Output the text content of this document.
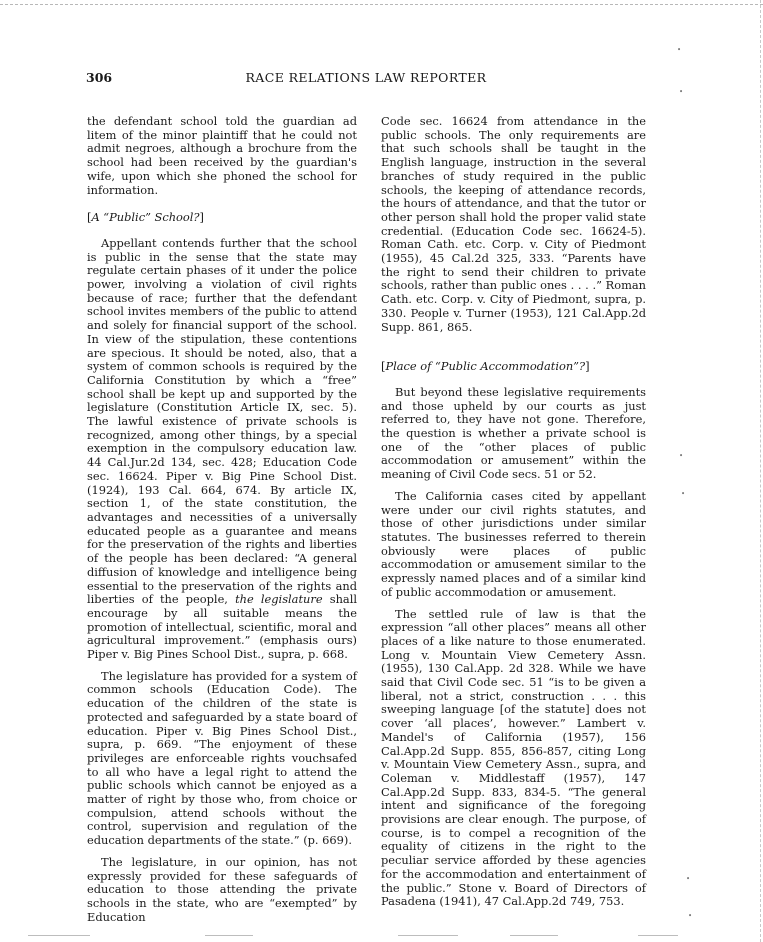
306	RACE RELATIONS LAW REPORTER

the defendant school told the guardian ad litem of the minor plaintiff that he could not admit negroes, although a brochure from the school had been received by the guardian's wife, upon which she phoned the school for information.

[A “Public” School?]

Appellant contends further that the school is public in the sense that the state may regulate certain phases of it under the police power, involving a violation of civil rights because of race; further that the defendant school invites members of the public to attend and solely for financial support of the school. In view of the stipulation, these contentions are specious. It should be noted, also, that a system of common schools is required by the California Constitution by which a “free” school shall be kept up and supported by the legislature (Constitution Article IX, sec. 5). The lawful existence of private schools is recognized, among other things, by a special exemption in the compulsory education law. 44 Cal.Jur.2d 134, sec. 428; Education Code sec. 16624. Piper v. Big Pine School Dist. (1924), 193 Cal. 664, 674. By article IX, section 1, of the state constitution, the advantages and necessities of a universally educated people as a guarantee and means for the preservation of the rights and liberties of the people has been declared: “A general diffusion of knowledge and intelligence being essential to the preservation of the rights and liberties of the people, the legislature shall encourage by all suitable means the promotion of intellectual, scientific, moral and agricultural improvement.” (emphasis ours) Piper v. Big Pines School Dist., supra, p. 668.

The legislature has provided for a system of common schools (Education Code). The education of the children of the state is protected and safeguarded by a state board of education. Piper v. Big Pines School Dist., supra, p. 669. “The enjoyment of these privileges are enforceable rights vouchsafed to all who have a legal right to attend the public schools which cannot be enjoyed as a matter of right by those who, from choice or compulsion, attend schools without the control, supervision and regulation of the education departments of the state.” (p. 669).

The legislature, in our opinion, has not expressly provided for these safeguards of education to those attending the private schools in the state, who are “exempted” by Education

Code sec. 16624 from attendance in the public schools. The only requirements are that such schools shall be taught in the English language, instruction in the several branches of study required in the public schools, the keeping of attendance records, the hours of attendance, and that the tutor or other person shall hold the proper valid state credential. (Education Code sec. 16624-5). Roman Cath. etc. Corp. v. City of Piedmont (1955), 45 Cal.2d 325, 333. “Parents have the right to send their children to private schools, rather than public ones . . . .” Roman Cath. etc. Corp. v. City of Piedmont, supra, p. 330. People v. Turner (1953), 121 Cal.App.2d Supp. 861, 865.

[Place of “Public Accommodation”?]

But beyond these legislative requirements and those upheld by our courts as just referred to, they have not gone. Therefore, the question is whether a private school is one of the “other places of public accommodation or amusement” within the meaning of Civil Code secs. 51 or 52.

The California cases cited by appellant were under our civil rights statutes, and those of other jurisdictions under similar statutes. The businesses referred to therein obviously were places of public accommodation or amusement similar to the expressly named places and of a similar kind of public accommodation or amusement.

The settled rule of law is that the expression “all other places” means all other places of a like nature to those enumerated. Long v. Mountain View Cemetery Assn. (1955), 130 Cal.App. 2d 328. While we have said that Civil Code sec. 51 “is to be given a liberal, not a strict, construction . . . this sweeping language [of the statute] does not cover ‘all places’, however.” Lambert v. Mandel's of California (1957), 156 Cal.App.2d Supp. 855, 856-857, citing Long v. Mountain View Cemetery Assn., supra, and Coleman v. Middlestaff (1957), 147 Cal.App.2d Supp. 833, 834-5. “The general intent and significance of the foregoing provisions are clear enough. The purpose, of course, is to compel a recognition of the equality of citizens in the right to the peculiar service afforded by these agencies for the accommodation and entertainment of the public.” Stone v. Board of Directors of Pasadena (1941), 47 Cal.App.2d 749, 753.

•
•
•
•
•
•
